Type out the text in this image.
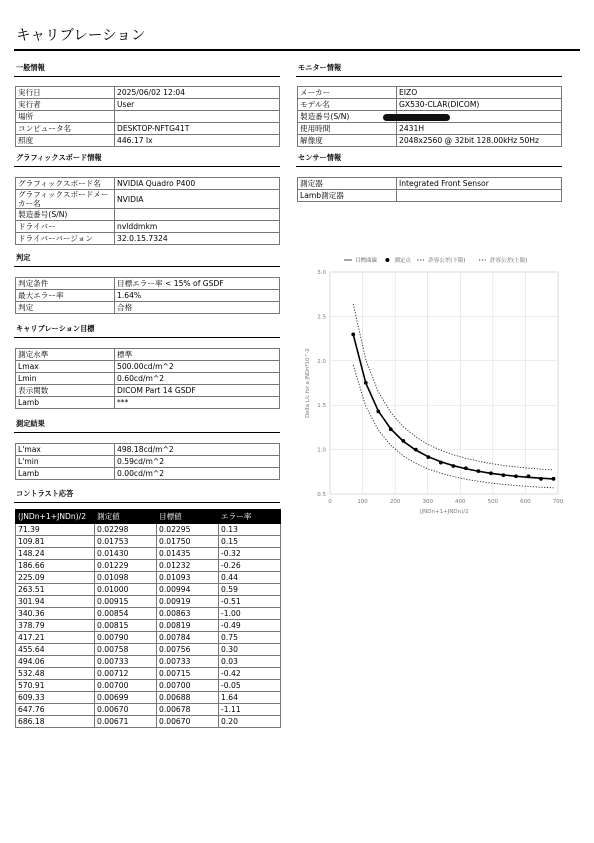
キャリブレーション
一般情報
実行日	2025/06/02 12:04
実行者	User
場所	
コンピュータ名	DESKTOP-NFTG41T
照度	446.17 lx
グラフィックスボード情報
グラフィックスボード名	NVIDIA Quadro P400
グラフィックスボードメーカー名	NVIDIA
製造番号(S/N)	
ドライバー	nvlddmkm
ドライバーバージョン	32.0.15.7324
判定
判定条件	目標エラー率 < 15% of GSDF
最大エラー率	1.64%
判定	合格
キャリブレーション目標
測定水準	標準
Lmax	500.00cd/m^2
Lmin	0.60cd/m^2
表示関数	DICOM Part 14 GSDF
Lamb	***
測定結果
L'max	498.18cd/m^2
L'min	0.59cd/m^2
Lamb	0.00cd/m^2
コントラスト応答
(JNDn+1+JNDn)/2	測定値	目標値	エラー率
71.39	0.02298	0.02295	0.13
109.81	0.01753	0.01750	0.15
148.24	0.01430	0.01435	-0.32
186.66	0.01229	0.01232	-0.26
225.09	0.01098	0.01093	0.44
263.51	0.01000	0.00994	0.59
301.94	0.00915	0.00919	-0.51
340.36	0.00854	0.00863	-1.00
378.79	0.00815	0.00819	-0.49
417.21	0.00790	0.00784	0.75
455.64	0.00758	0.00756	0.30
494.06	0.00733	0.00733	0.03
532.48	0.00712	0.00715	-0.42
570.91	0.00700	0.00700	-0.05
609.33	0.00699	0.00688	1.64
647.76	0.00670	0.00678	-1.11
686.18	0.00671	0.00670	0.20
モニター情報
メーカー	EIZO
モデル名	GX530-CLAR(DICOM)
製造番号(S/N)	
使用時間	2431H
解像度	2048x2560 @ 32bit 128.00kHz 50Hz
センサー情報
測定器	Integrated Front Sensor
Lamb測定器	
0.5
1.0
1.5
2.0
2.5
3.0
0	100	200	300	400	500	600	700
(JNDn+1+JNDn)/2
Delta L/L for a JNDn*10^-2
目標曲線	測定点	許容公差(下限)	許容公差(上限)
